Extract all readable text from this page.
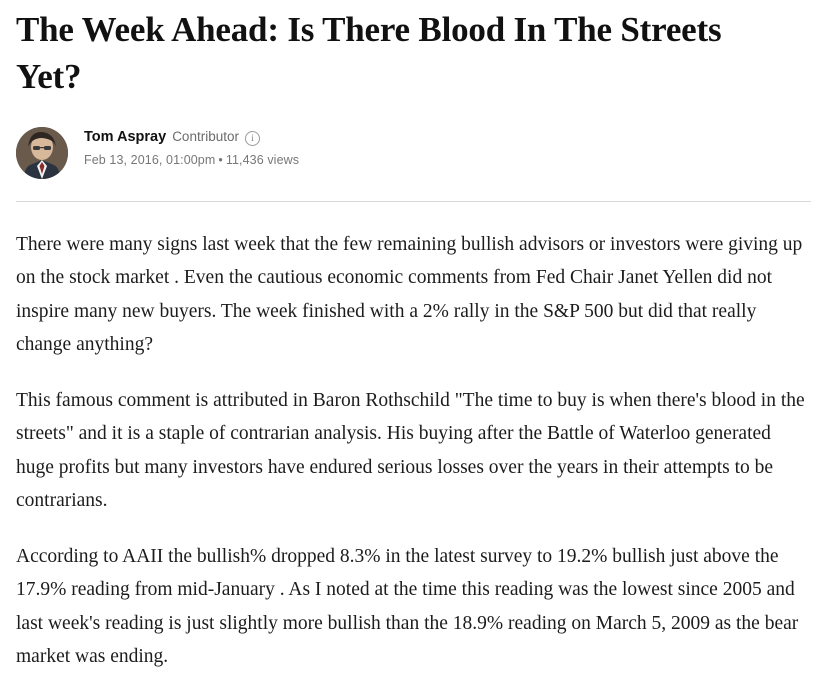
The Week Ahead: Is There Blood In The Streets Yet?
Tom Aspray Contributor	i
Feb 13, 2016, 01:00pm • 11,436 views

There were many signs last week that the few remaining bullish advisors or investors were giving up on the stock market . Even the cautious economic comments from Fed Chair Janet Yellen did not inspire many new buyers. The week finished with a 2% rally in the S&P 500 but did that really change anything?

This famous comment is attributed in Baron Rothschild "The time to buy is when there's blood in the streets" and it is a staple of contrarian analysis. His buying after the Battle of Waterloo generated huge profits but many investors have endured serious losses over the years in their attempts to be contrarians.

According to AAII the bullish% dropped 8.3% in the latest survey to 19.2% bullish just above the 17.9% reading from mid-January . As I noted at the time this reading was the lowest since 2005 and last week's reading is just slightly more bullish than the 18.9% reading on March 5, 2009 as the bear market was ending.
